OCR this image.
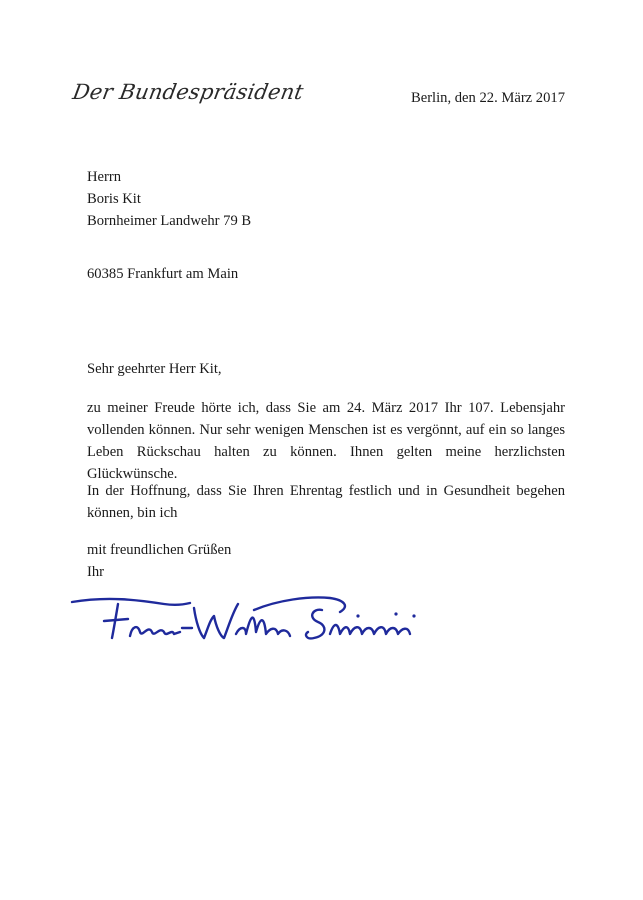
Der Bundespräsident	Berlin, den 22. März 2017
Herrn
Boris Kit
Bornheimer Landwehr 79 B
60385 Frankfurt am Main
Sehr geehrter Herr Kit,

zu meiner Freude hörte ich, dass Sie am 24. März 2017 Ihr 107. Lebensjahr vollenden können. Nur sehr wenigen Menschen ist es vergönnt, auf ein so langes Leben Rückschau halten zu können. Ihnen gelten meine herzlichsten Glückwünsche.

In der Hoffnung, dass Sie Ihren Ehrentag festlich und in Gesundheit begehen können, bin ich

mit freundlichen Grüßen
Ihr
